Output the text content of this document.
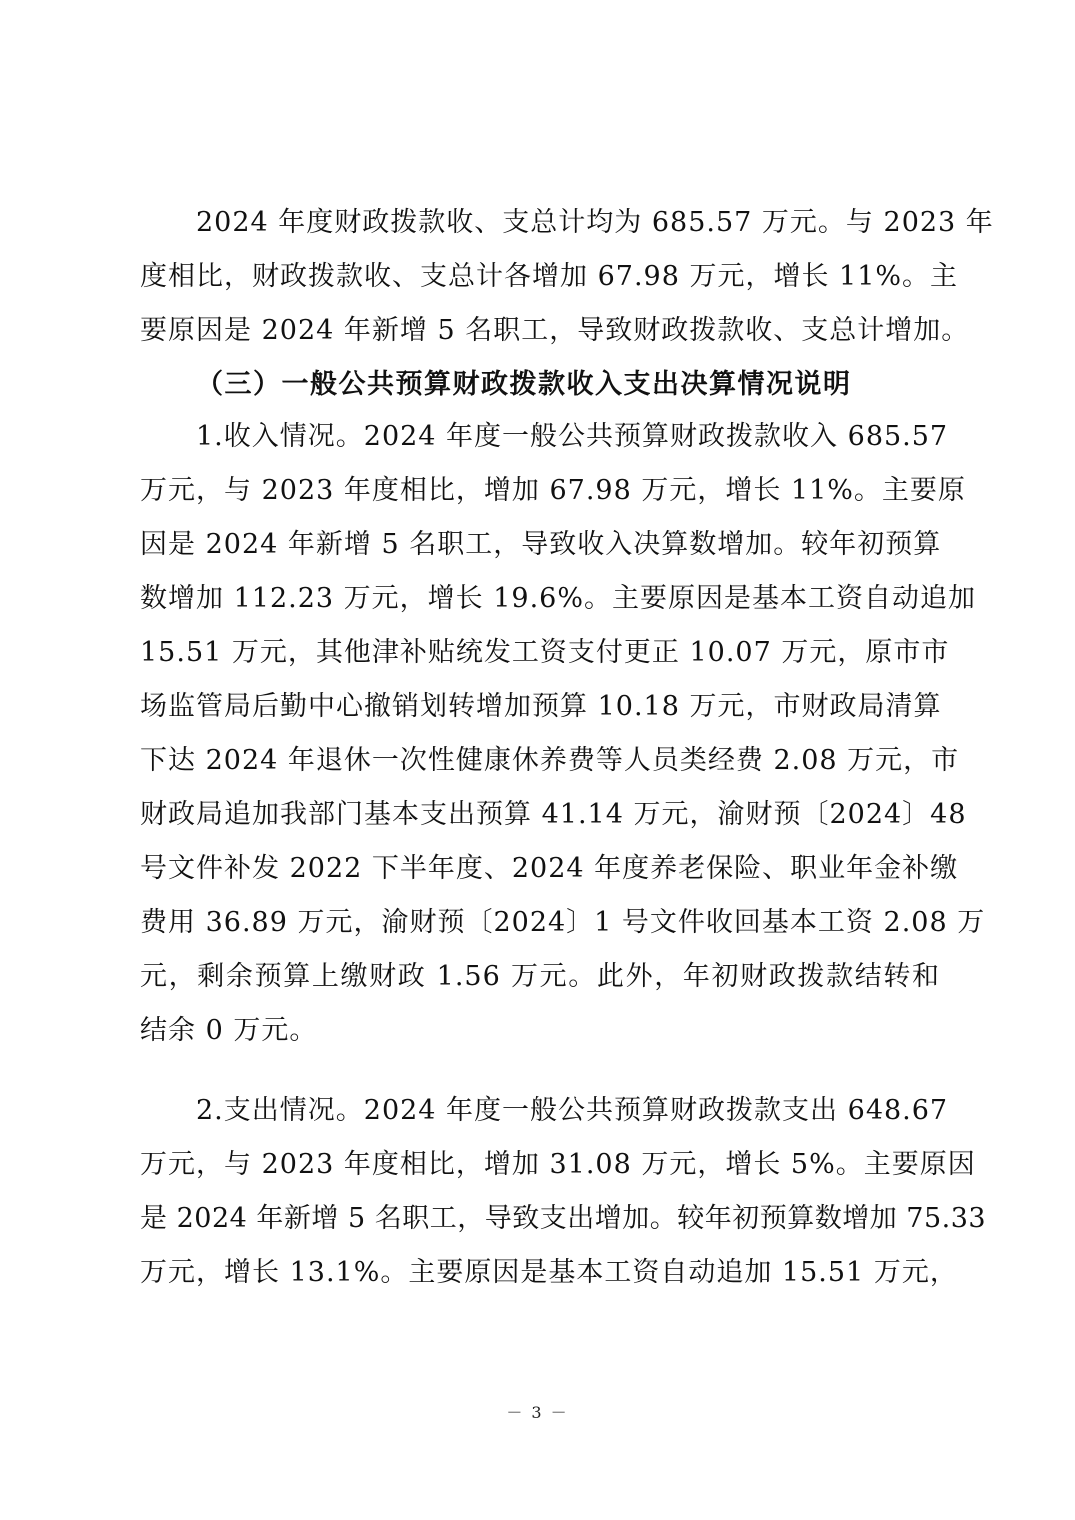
2024 年度财政拨款收、支总计均为 685.57 万元。与 2023 年
度相比，财政拨款收、支总计各增加 67.98 万元，增长 11%。主
要原因是 2024 年新增 5 名职工，导致财政拨款收、支总计增加。
（三）一般公共预算财政拨款收入支出决算情况说明
1.收入情况。2024 年度一般公共预算财政拨款收入 685.57
万元，与 2023 年度相比，增加 67.98 万元，增长 11%。主要原
因是 2024 年新增 5 名职工，导致收入决算数增加。较年初预算
数增加 112.23 万元，增长 19.6%。主要原因是基本工资自动追加
15.51 万元，其他津补贴统发工资支付更正 10.07 万元，原市市
场监管局后勤中心撤销划转增加预算 10.18 万元，市财政局清算
下达 2024 年退休一次性健康休养费等人员类经费 2.08 万元，市
财政局追加我部门基本支出预算 41.14 万元，渝财预〔2024〕48
号文件补发 2022 下半年度、2024 年度养老保险、职业年金补缴
费用 36.89 万元，渝财预〔2024〕1 号文件收回基本工资 2.08 万
元，剩余预算上缴财政 1.56 万元。此外，年初财政拨款结转和
结余 0 万元。
2.支出情况。2024 年度一般公共预算财政拨款支出 648.67
万元，与 2023 年度相比，增加 31.08 万元，增长 5%。主要原因
是 2024 年新增 5 名职工，导致支出增加。较年初预算数增加 75.33
万元，增长 13.1%。主要原因是基本工资自动追加 15.51 万元，
－ 3 －
